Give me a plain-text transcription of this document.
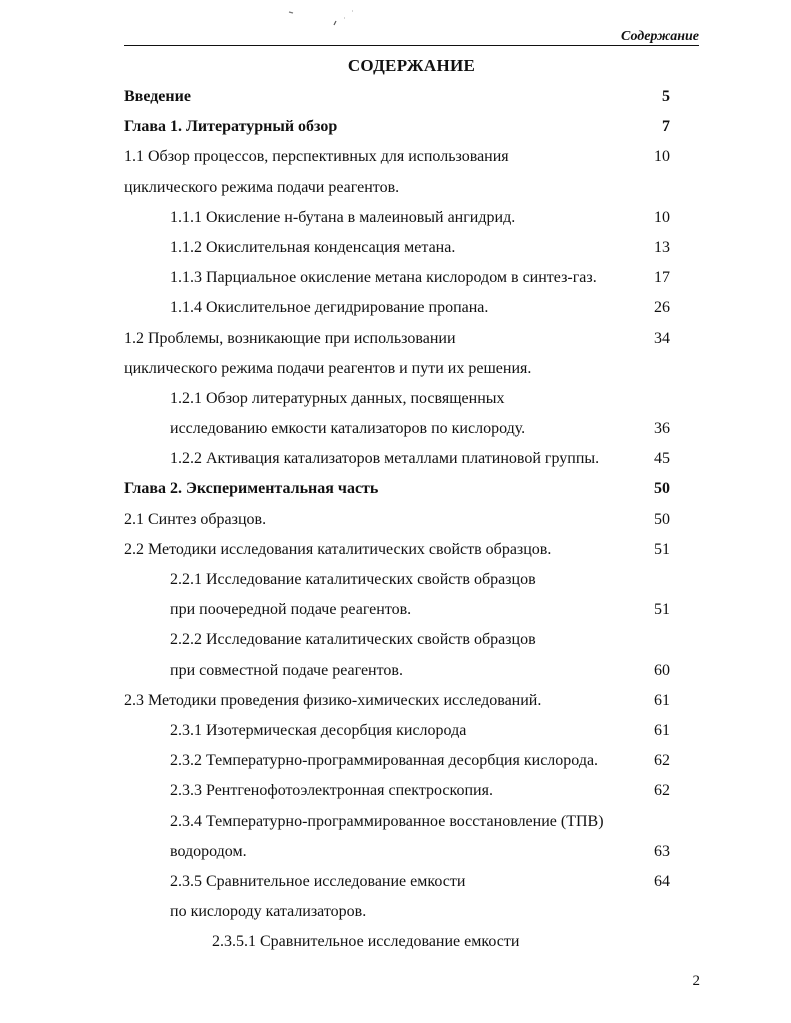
Содержание
СОДЕРЖАНИЕ
Введение	5
Глава 1. Литературный обзор	7
1.1 Обзор процессов, перспективных для использования	10
циклического режима подачи реагентов.
1.1.1 Окисление н-бутана в малеиновый ангидрид.	10
1.1.2 Окислительная конденсация метана.	13
1.1.3 Парциальное окисление метана кислородом в синтез-газ.	17
1.1.4 Окислительное дегидрирование пропана.	26
1.2 Проблемы, возникающие при использовании	34
циклического режима подачи реагентов и пути их решения.
1.2.1 Обзор литературных данных, посвященных
исследованию емкости катализаторов по кислороду.	36
1.2.2 Активация катализаторов металлами платиновой группы.	45
Глава 2. Экспериментальная часть	50
2.1 Синтез образцов.	50
2.2 Методики исследования каталитических свойств образцов.	51
2.2.1 Исследование каталитических свойств образцов
при поочередной подаче реагентов.	51
2.2.2 Исследование каталитических свойств образцов
при совместной подаче реагентов.	60
2.3 Методики проведения физико-химических исследований.	61
2.3.1 Изотермическая десорбция кислорода	61
2.3.2 Температурно-программированная десорбция кислорода.	62
2.3.3 Рентгенофотоэлектронная спектроскопия.	62
2.3.4 Температурно-программированное восстановление (ТПВ)
водородом.	63
2.3.5 Сравнительное исследование емкости	64
по кислороду катализаторов.
2.3.5.1 Сравнительное исследование емкости
2
